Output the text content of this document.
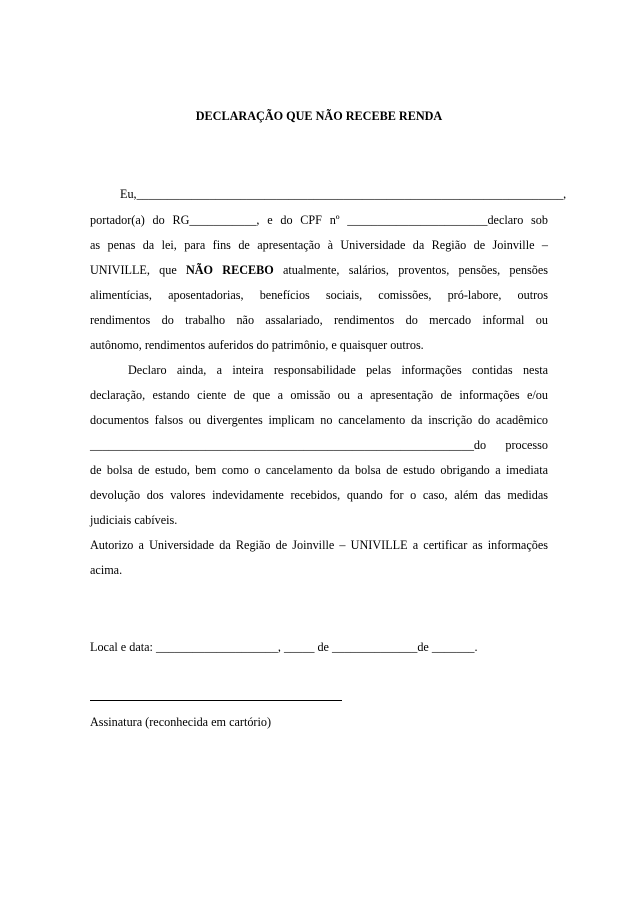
DECLARAÇÃO QUE NÃO RECEBE RENDA
Eu,______________________________________________________________________,
portador(a) do RG___________, e do CPF nº _______________________declaro sob
as penas da lei, para fins de apresentação à Universidade da Região de Joinville –
UNIVILLE, que NÃO RECEBO atualmente, salários, proventos, pensões, pensões
alimentícias, aposentadorias, benefícios sociais, comissões, pró-labore, outros
rendimentos do trabalho não assalariado, rendimentos do mercado informal ou
autônomo, rendimentos auferidos do patrimônio, e quaisquer outros.
Declaro ainda, a inteira responsabilidade pelas informações contidas nesta
declaração, estando ciente de que a omissão ou a apresentação de informações e/ou
documentos falsos ou divergentes implicam no cancelamento da inscrição do acadêmico
_______________________________________________________________do processo
de bolsa de estudo, bem como o cancelamento da bolsa de estudo obrigando a imediata
devolução dos valores indevidamente recebidos, quando for o caso, além das medidas
judiciais cabíveis.
Autorizo a Universidade da Região de Joinville – UNIVILLE a certificar as informações
acima.
Local e data: ____________________, _____ de ______________de _______.
Assinatura (reconhecida em cartório)
